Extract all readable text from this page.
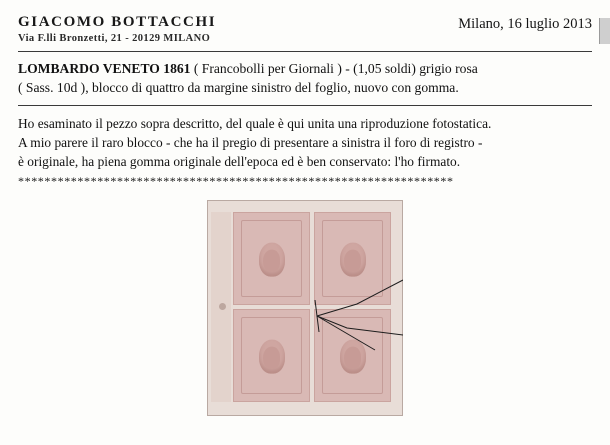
GIACOMO BOTTACCHI
Via F.lli Bronzetti, 21 - 20129 MILANO
Milano, 16 luglio 2013
LOMBARDO VENETO 1861 ( Francobolli per Giornali ) - (1,05 soldi) grigio rosa
( Sass. 10d ), blocco di quattro da margine sinistro del foglio, nuovo con gomma.

Ho esaminato il pezzo sopra descritto, del quale è qui unita una riproduzione fotostatica.

A mio parere il raro blocco - che ha il pregio di presentare a sinistra il foro di registro -

è originale, ha piena gomma originale dell'epoca ed è ben conservato: l'ho firmato.

******************************************************************
